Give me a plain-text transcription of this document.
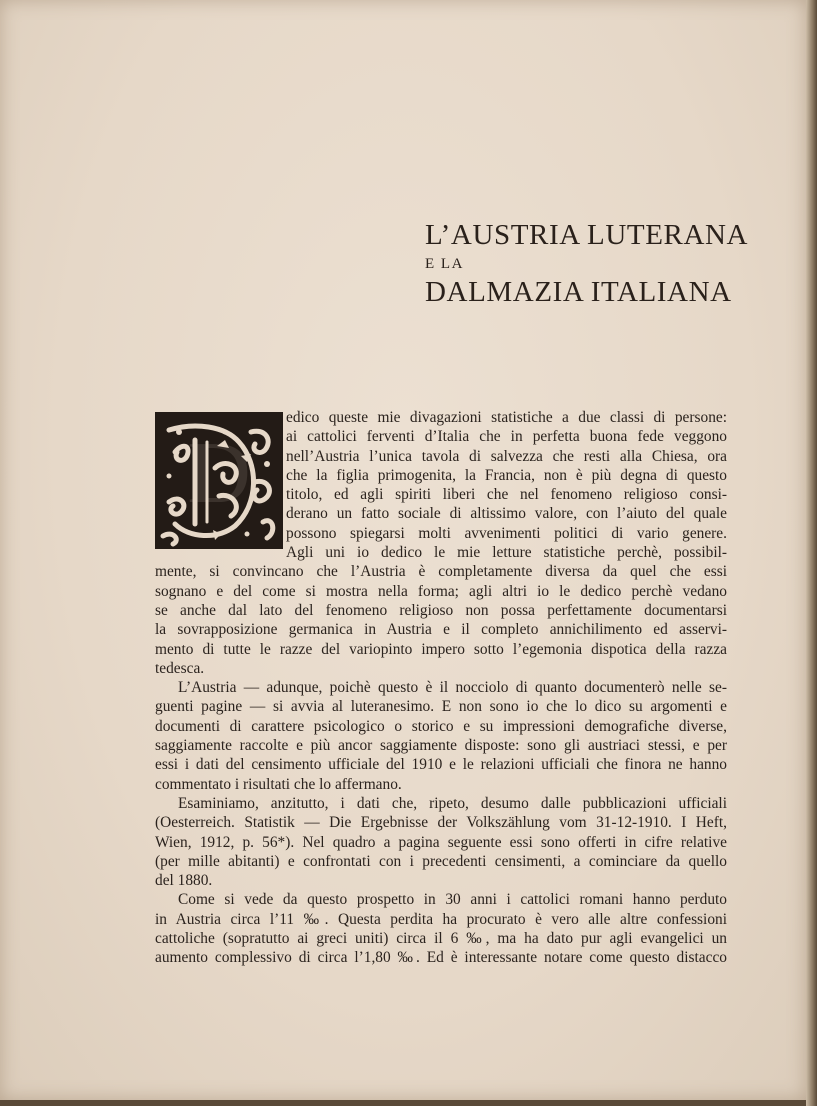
L’AUSTRIA LUTERANA
E LA
DALMAZIA ITALIANA
D
edico queste mie divagazioni statistiche a due classi di persone:
ai cattolici ferventi d’Italia che in perfetta buona fede veggono
nell’Austria l’unica tavola di salvezza che resti alla Chiesa, ora
che la figlia primogenita, la Francia, non è più degna di questo
titolo, ed agli spiriti liberi che nel fenomeno religioso consi-
derano un fatto sociale di altissimo valore, con l’aiuto del quale
possono spiegarsi molti avvenimenti politici di vario genere.
Agli uni io dedico le mie letture statistiche perchè, possibil-
mente, si convincano che l’Austria è completamente diversa da quel che essi
sognano e del come si mostra nella forma; agli altri io le dedico perchè vedano
se anche dal lato del fenomeno religioso non possa perfettamente documentarsi
la sovrapposizione germanica in Austria e il completo annichilimento ed asservi-
mento di tutte le razze del variopinto impero sotto l’egemonia dispotica della razza
tedesca.
L’Austria — adunque, poichè questo è il nocciolo di quanto documenterò nelle se-
guenti pagine — si avvia al luteranesimo. E non sono io che lo dico su argomenti e
documenti di carattere psicologico o storico e su impressioni demografiche diverse,
saggiamente raccolte e più ancor saggiamente disposte: sono gli austriaci stessi, e per
essi i dati del censimento ufficiale del 1910 e le relazioni ufficiali che finora ne hanno
commentato i risultati che lo affermano.
Esaminiamo, anzitutto, i dati che, ripeto, desumo dalle pubblicazioni ufficiali
(Oesterreich. Statistik — Die Ergebnisse der Volkszählung vom 31-12-1910. I Heft,
Wien, 1912, p. 56*). Nel quadro a pagina seguente essi sono offerti in cifre relative
(per mille abitanti) e confrontati con i precedenti censimenti, a cominciare da quello
del 1880.
Come si vede da questo prospetto in 30 anni i cattolici romani hanno perduto
in Austria circa l’11 ‰. Questa perdita ha procurato è vero alle altre confessioni
cattoliche (sopratutto ai greci uniti) circa il 6 ‰, ma ha dato pur agli evangelici un
aumento complessivo di circa l’1,80 ‰. Ed è interessante notare come questo distacco
